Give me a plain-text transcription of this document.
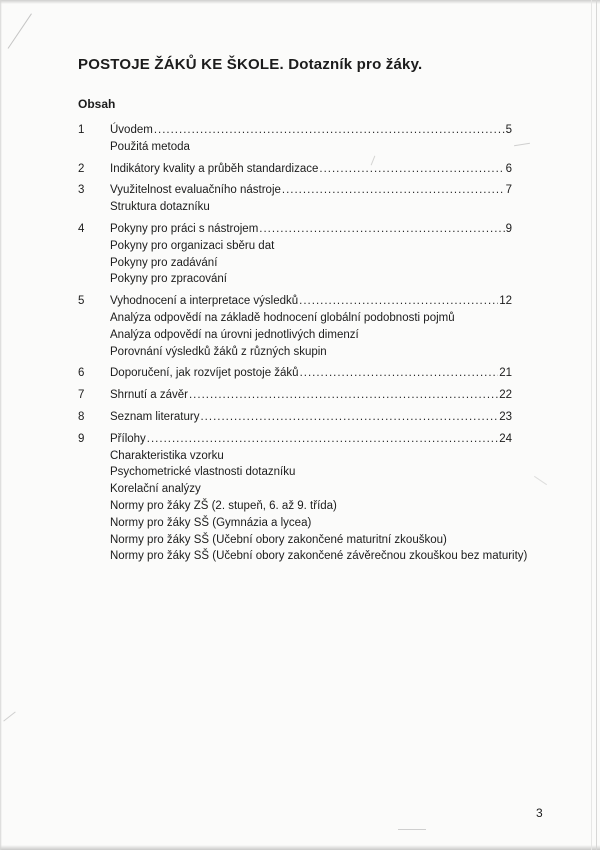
POSTOJE ŽÁKŮ KE ŠKOLE. Dotazník pro žáky.
Obsah
1	Úvodem .....	5
Použitá metoda
2	Indikátory kvality a průběh standardizace .....	6
3	Využitelnost evaluačního nástroje .....	7
Struktura dotazníku
4	Pokyny pro práci s nástrojem .....	9
Pokyny pro organizaci sběru dat
Pokyny pro zadávání
Pokyny pro zpracování
5	Vyhodnocení a interpretace výsledků .....	12
Analýza odpovědí na základě hodnocení globální podobnosti pojmů
Analýza odpovědí na úrovni jednotlivých dimenzí
Porovnání výsledků žáků z různých skupin
6	Doporučení, jak rozvíjet postoje žáků .....	21
7	Shrnutí a závěr .....	22
8	Seznam literatury .....	23
9	Přílohy .....	24
Charakteristika vzorku
Psychometrické vlastnosti dotazníku
Korelační analýzy
Normy pro žáky ZŠ (2. stupeň, 6. až 9. třída)
Normy pro žáky SŠ (Gymnázia a lycea)
Normy pro žáky SŠ (Učební obory zakončené maturitní zkouškou)
Normy pro žáky SŠ (Učební obory zakončené závěrečnou zkouškou bez maturity)
3
